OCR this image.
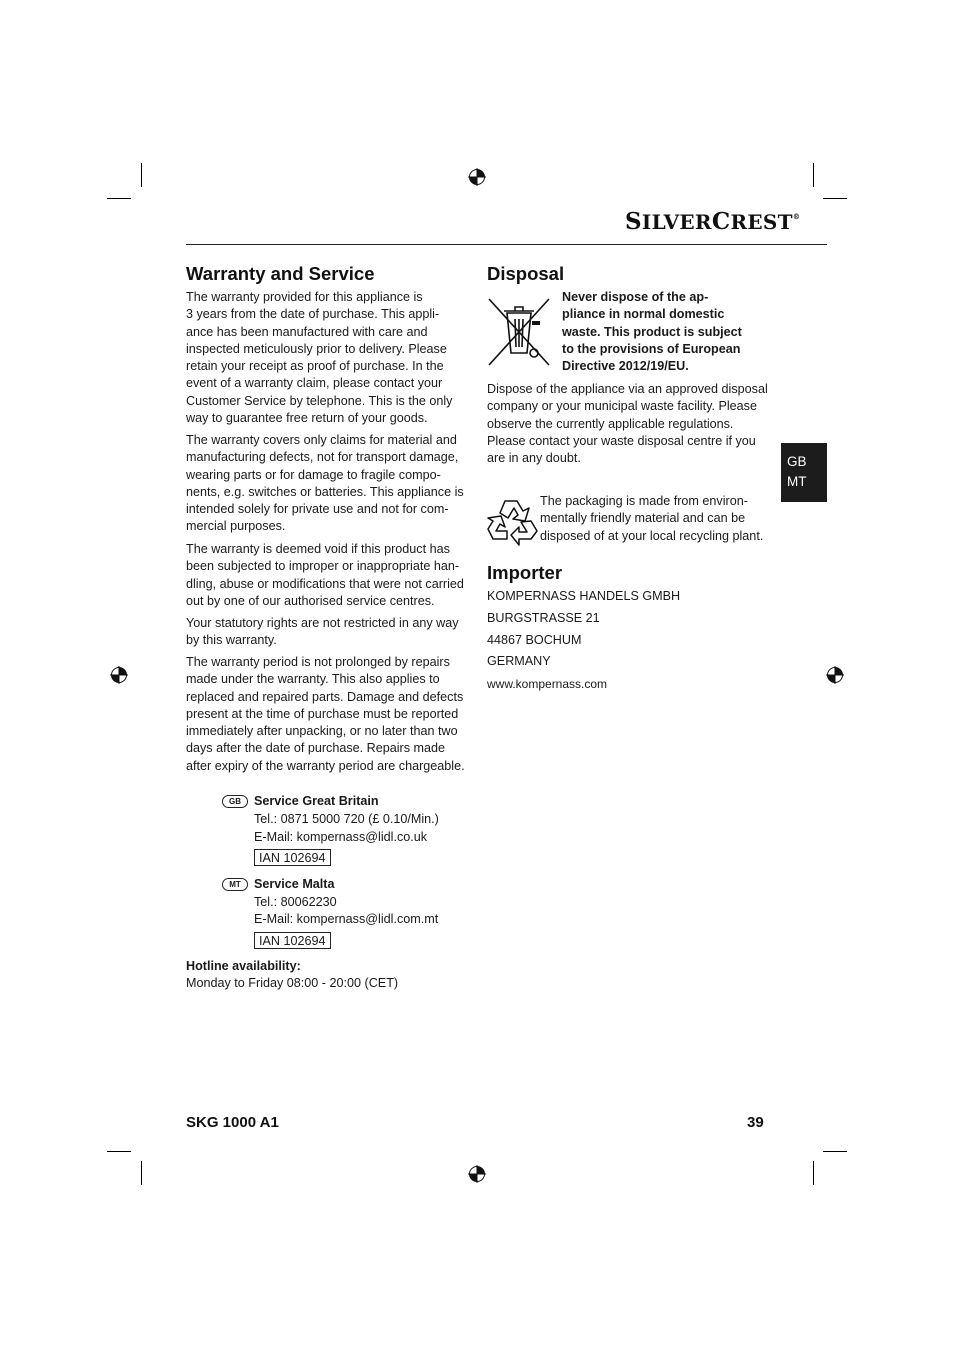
SILVERCREST®
GB
MT
Warranty and Service

The warranty provided for this appliance is
3 years from the date of purchase. This appli-
ance has been manufactured with care and
inspected meticulously prior to delivery. Please
retain your receipt as proof of purchase. In the
event of a warranty claim, please contact your
Customer Service by telephone. This is the only
way to guarantee free return of your goods.

The warranty covers only claims for material and
manufacturing defects, not for transport damage,
wearing parts or for damage to fragile compo-
nents, e.g. switches or batteries. This appliance is
intended solely for private use and not for com-
mercial purposes.

The warranty is deemed void if this product has
been subjected to improper or inappropriate han-
dling, abuse or modifications that were not carried
out by one of our authorised service centres.

Your statutory rights are not restricted in any way
by this warranty.

The warranty period is not prolonged by repairs
made under the warranty. This also applies to
replaced and repaired parts. Damage and defects
present at the time of purchase must be reported
immediately after unpacking, or no later than two
days after the date of purchase. Repairs made
after expiry of the warranty period are chargeable.

GB	Service Great Britain
Tel.: 0871 5000 720 (£ 0.10/Min.)
E-Mail: kompernass@lidl.co.uk
IAN 102694
MT	Service Malta
Tel.: 80062230
E-Mail: kompernass@lidl.com.mt
IAN 102694
Hotline availability:
Monday to Friday 08:00 - 20:00 (CET)
Disposal

Never dispose of the ap-
pliance in normal domestic
waste. This product is subject
to the provisions of European
Directive 2012/19/EU.

Dispose of the appliance via an approved disposal
company or your municipal waste facility. Please
observe the currently applicable regulations.
Please contact your waste disposal centre if you
are in any doubt.

The packaging is made from environ-
mentally friendly material and can be
disposed of at your local recycling plant.

Importer
KOMPERNASS HANDELS GMBH
BURGSTRASSE 21
44867 BOCHUM
GERMANY
www.kompernass.com
SKG 1000 A1	39
